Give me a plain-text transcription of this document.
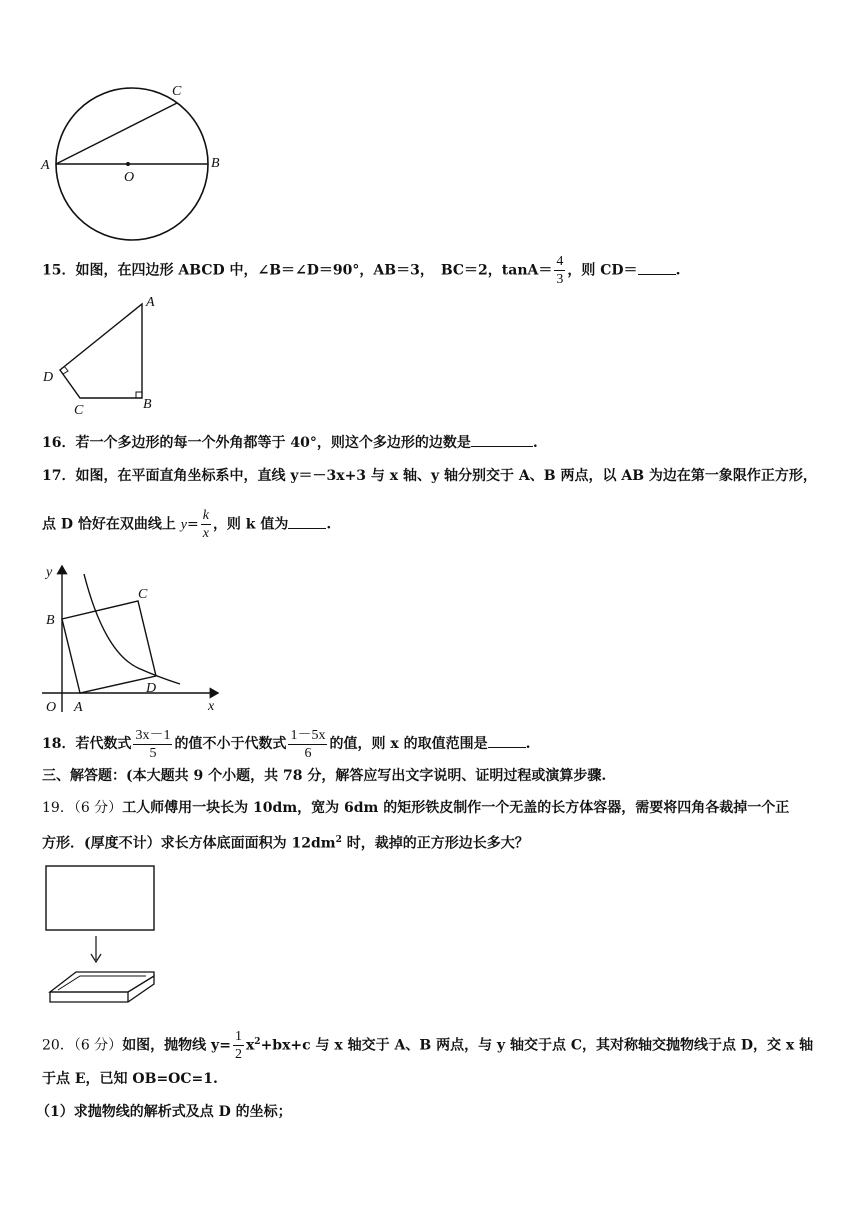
A	B
C
O
15．如图，在四边形 ABCD 中，∠B＝∠D＝90°，AB＝3，　BC＝2，$\tan A= \frac{4}{3}$ ，则 CD＝	.
A
B
C
D
16．若一个多边形的每一个外角都等于 40°，则这个多边形的边数是	.
17．如图，在平面直角坐标系中，直线 y＝－3x+3 与 x 轴、y 轴分别交于 A、B 两点，以 AB 为边在第一象限作正方形，
点 D 恰好在双曲线上 $y= \frac{k}{x}$ ，则 k 值为	.
y
x
O A
B
C
D
18．若代数式 $\frac{3x-1}{5}$ 的值不小于代数式 $\frac{1-5x}{6}$ 的值，则 x 的取值范围是	.
三、解答题：(本大题共 9 个小题，共 78 分，解答应写出文字说明、证明过程或演算步骤.
19．（6 分）工人师傅用一块长为 10dm，宽为 6dm 的矩形铁皮制作一个无盖的长方体容器，需要将四角各裁掉一个正
方形．(厚度不计）求长方体底面面积为 $12dm^2$ 时，裁掉的正方形边长多大？
20．（6 分）如图，抛物线 $y= \frac{1}{2} x^2+bx+c$ 与 x 轴交于 A、B 两点，与 y 轴交于点 C，其对称轴交抛物线于点 D，交 x 轴
于点 E，已知 OB=OC=1.
（1）求抛物线的解析式及点 D 的坐标；
